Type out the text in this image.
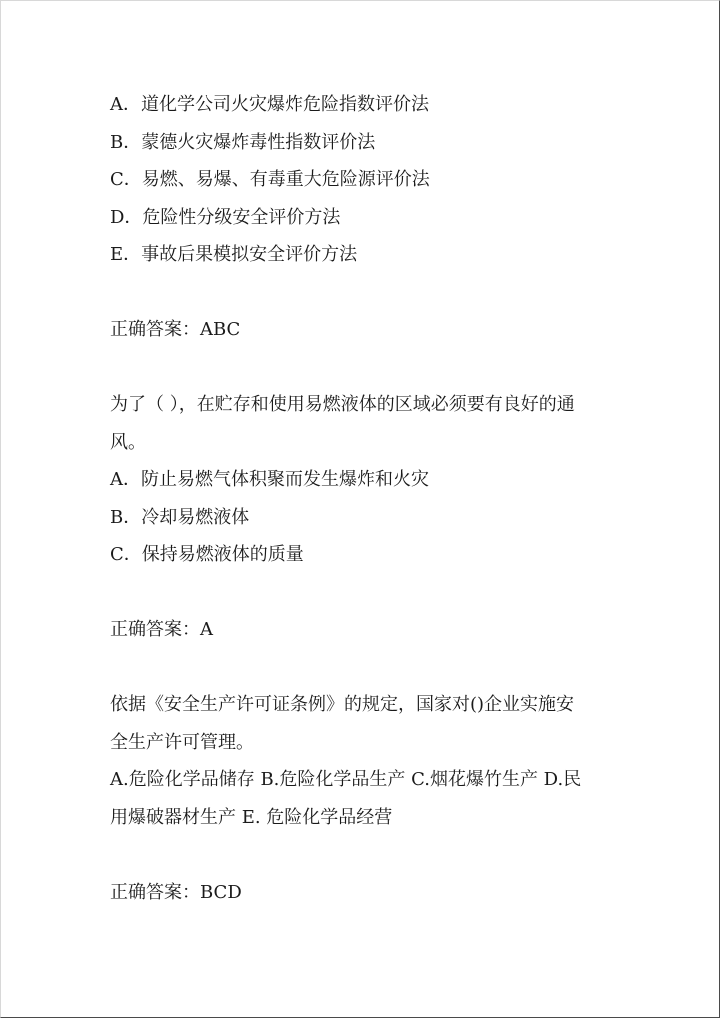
A．道化学公司火灾爆炸危险指数评价法
B．蒙德火灾爆炸毒性指数评价法
C．易燃、易爆、有毒重大危险源评价法
D．危险性分级安全评价方法
E．事故后果模拟安全评价方法
正确答案：ABC
为了（ ），在贮存和使用易燃液体的区域必须要有良好的通
风。
A．防止易燃气体积聚而发生爆炸和火灾
B．冷却易燃液体
C．保持易燃液体的质量
正确答案：A
依据《安全生产许可证条例》的规定，国家对()企业实施安
全生产许可管理。
A.危险化学品储存 B.危险化学品生产 C.烟花爆竹生产 D.民
用爆破器材生产 E. 危险化学品经营
正确答案：BCD
